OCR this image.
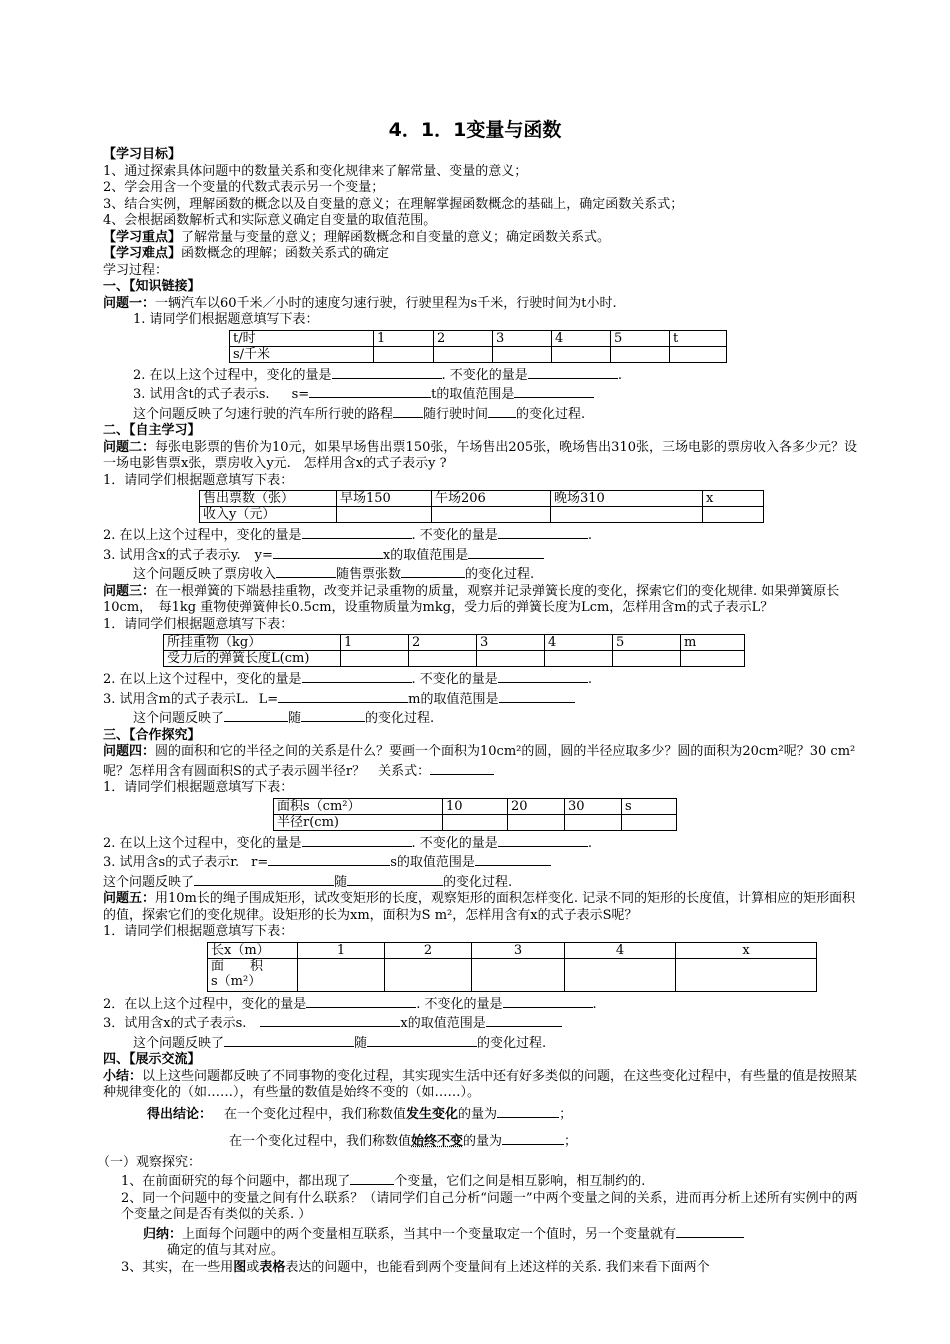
4．1．1变量与函数
【学习目标】
1、通过探索具体问题中的数量关系和变化规律来了解常量、变量的意义；
2、学会用含一个变量的代数式表示另一个变量；
3、结合实例，理解函数的概念以及自变量的意义；在理解掌握函数概念的基础上，确定函数关系式；
4、会根据函数解析式和实际意义确定自变量的取值范围。
【学习重点】了解常量与变量的意义；理解函数概念和自变量的意义；确定函数关系式。
【学习难点】函数概念的理解；函数关系式的确定
学习过程：
一、【知识链接】
问题一：一辆汽车以60千米／小时的速度匀速行驶，行驶里程为s千米，行驶时间为t小时.
1. 请同学们根据题意填写下表：
t/时	1	2	3	4	5	t
s/千米						
2. 在以上这个过程中，变化的量是	. 不变化的量是	.
3. 试用含t的式子表示s. s=	t的取值范围是
这个问题反映了匀速行驶的汽车所行驶的路程 随行驶时间 的变化过程.
二、【自主学习】
问题二：每张电影票的售价为10元，如果早场售出票150张，午场售出205张，晚场售出310张，三场电影的票房收入各多少元？设一场电影售票x张，票房收入y元.　怎样用含x的式子表示y ?
1．请同学们根据题意填写下表：
售出票数（张）	早场150	午场206	晚场310	x
收入y（元）				
2. 在以上这个过程中，变化的量是	. 不变化的量是	.
3. 试用含x的式子表示y. y=	x的取值范围是
这个问题反映了票房收入	随售票张数	的变化过程.
问题三：在一根弹簧的下端悬挂重物，改变并记录重物的质量，观察并记录弹簧长度的变化，探索它们的变化规律. 如果弹簧原长10cm，　每1kg 重物使弹簧伸长0.5cm，设重物质量为mkg，受力后的弹簧长度为Lcm，怎样用含m的式子表示L？
1．请同学们根据题意填写下表：
所挂重物（kg）	1	2	3	4	5	m
受力后的弹簧长度L(cm)						
2. 在以上这个过程中，变化的量是	. 不变化的量是	.
3. 试用含m的式子表示L. L=	m的取值范围是
这个问题反映了	随	的变化过程.
三、【合作探究】
问题四：圆的面积和它的半径之间的关系是什么？要画一个面积为10cm²的圆，圆的半径应取多少？圆的面积为20cm²呢？30 cm²呢？怎样用含有圆面积S的式子表示圆半径r？　关系式：
1．请同学们根据题意填写下表：
面积s（cm²）	10	20	30	s
半径r(cm)				
2. 在以上这个过程中，变化的量是	. 不变化的量是	.
3. 试用含s的式子表示r. r=	s的取值范围是
这个问题反映了	随	的变化过程.
问题五：用10m长的绳子围成矩形，试改变矩形的长度，观察矩形的面积怎样变化. 记录不同的矩形的长度值，计算相应的矩形面积的值，探索它们的变化规律。设矩形的长为xm，面积为S m²，怎样用含有x的式子表示S呢？
1．请同学们根据题意填写下表：
长x（m）	1	2	3	4	x

面　　积
s（m²）					

2．在以上这个过程中，变化的量是	. 不变化的量是	.
3．试用含x的式子表示s.	x的取值范围是
这个问题反映了	随	的变化过程.
四、【展示交流】
小结：以上这些问题都反映了不同事物的变化过程，其实现实生活中还有好多类似的问题，在这些变化过程中，有些量的值是按照某种规律变化的（如……），有些量的数值是始终不变的（如……）。
得出结论： 在一个变化过程中，我们称数值发生变化的量为	；
在一个变化过程中，我们称数值始终不变的量为	；
（一）观察探究：
1、在前面研究的每个问题中，都出现了	个变量，它们之间是相互影响，相互制约的.
2、同一个问题中的变量之间有什么联系？（请同学们自己分析“问题一”中两个变量之间的关系，进而再分析上述所有实例中的两个变量之间是否有类似的关系. ）
归纳：上面每个问题中的两个变量相互联系，当其中一个变量取定一个值时，另一个变量就有
确定的值与其对应。
3、其实，在一些用图或表格表达的问题中，也能看到两个变量间有上述这样的关系. 我们来看下面两个
